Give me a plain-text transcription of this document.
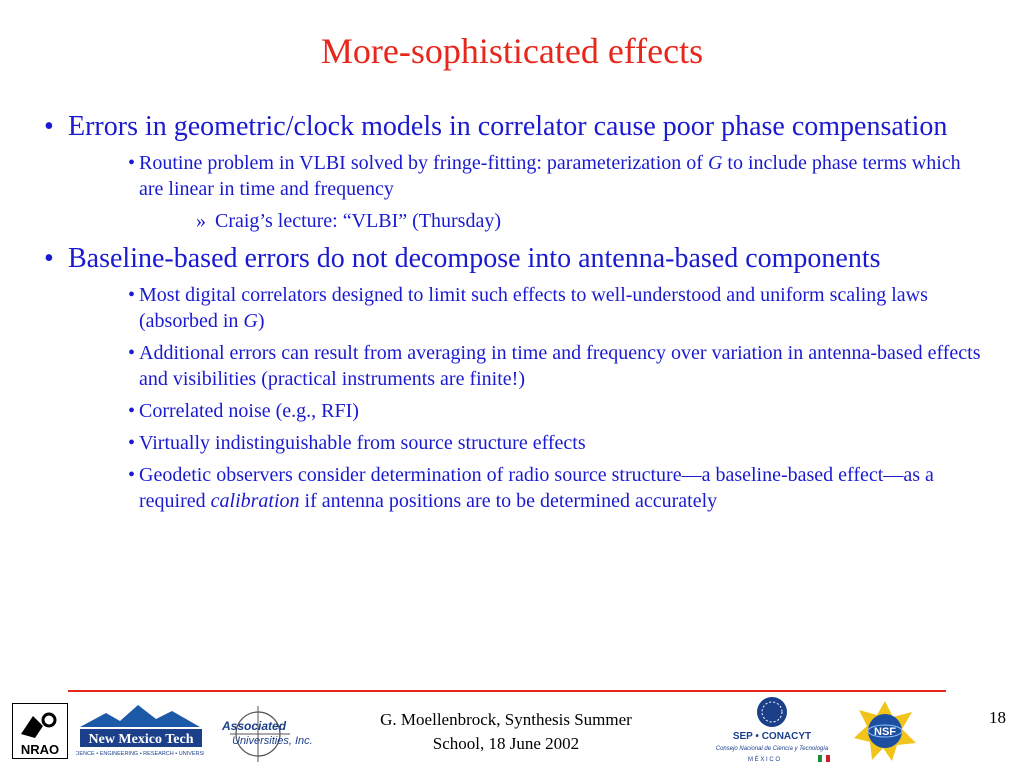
More-sophisticated effects
• Errors in geometric/clock models in correlator cause poor phase compensation
• Routine problem in VLBI solved by fringe-fitting: parameterization of G to include phase terms which are linear in time and frequency
» Craig’s lecture: “VLBI” (Thursday)
• Baseline-based errors do not decompose into antenna-based components
• Most digital correlators designed to limit such effects to well-understood and uniform scaling laws (absorbed in G)
• Additional errors can result from averaging in time and frequency over variation in antenna-based effects and visibilities (practical instruments are finite!)
• Correlated noise (e.g., RFI)
• Virtually indistinguishable from source structure effects
• Geodetic observers consider determination of radio source structure—a baseline-based effect—as a required calibration if antenna positions are to be determined accurately
NRAO
New Mexico Tech
SCIENCE • ENGINEERING • RESEARCH • UNIVERSITY
Associated
Universities, Inc.
G. Moellenbrock, Synthesis Summer
School, 18 June 2002	SEP • CONACYT
Consejo Nacional de Ciencia y Tecnología
M É X I C O
NSF
18
